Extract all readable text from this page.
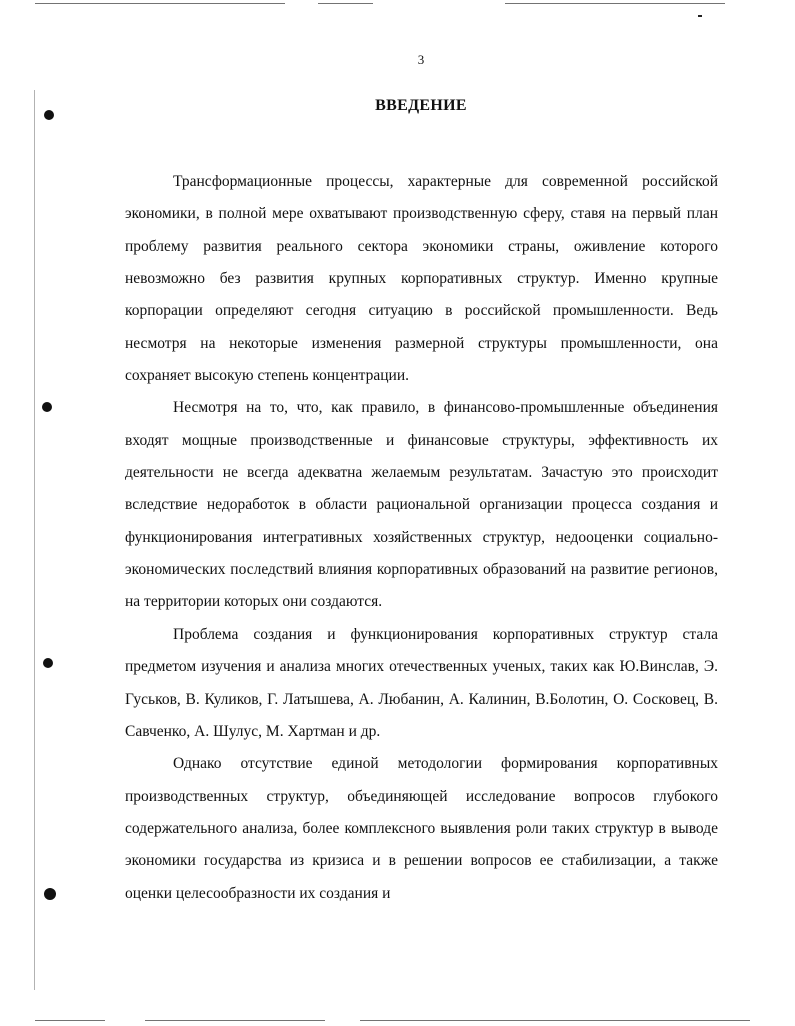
3
ВВЕДЕНИЕ

Трансформационные процессы, характерные для современной российской экономики, в полной мере охватывают производственную сферу, ставя на первый план проблему развития реального сектора экономики страны, оживление которого невозможно без развития крупных корпоративных структур. Именно крупные корпорации определяют сегодня ситуацию в российской промышленности. Ведь несмотря на некоторые изменения размерной структуры промышленности, она сохраняет высокую степень концентрации.

Несмотря на то, что, как правило, в финансово-промышленные объединения входят мощные производственные и финансовые структуры, эффективность их деятельности не всегда адекватна желаемым результатам. Зачастую это происходит вследствие недоработок в области рациональной организации процесса создания и функционирования интегративных хозяйственных структур, недооценки социально-экономических последствий влияния корпоративных образований на развитие регионов, на территории которых они создаются.

Проблема создания и функционирования корпоративных структур стала предметом изучения и анализа многих отечественных ученых, таких как Ю.Винслав, Э. Гуськов, В. Куликов, Г. Латышева, А. Любанин, А. Калинин, В.Болотин, О. Сосковец, В. Савченко, А. Шулус, М. Хартман и др.

Однако отсутствие единой методологии формирования корпоративных производственных структур, объединяющей исследование вопросов глубокого содержательного анализа, более комплексного выявления роли таких структур в выводе экономики государства из кризиса и в решении вопросов ее стабилизации, а также оценки целесообразности их создания и
